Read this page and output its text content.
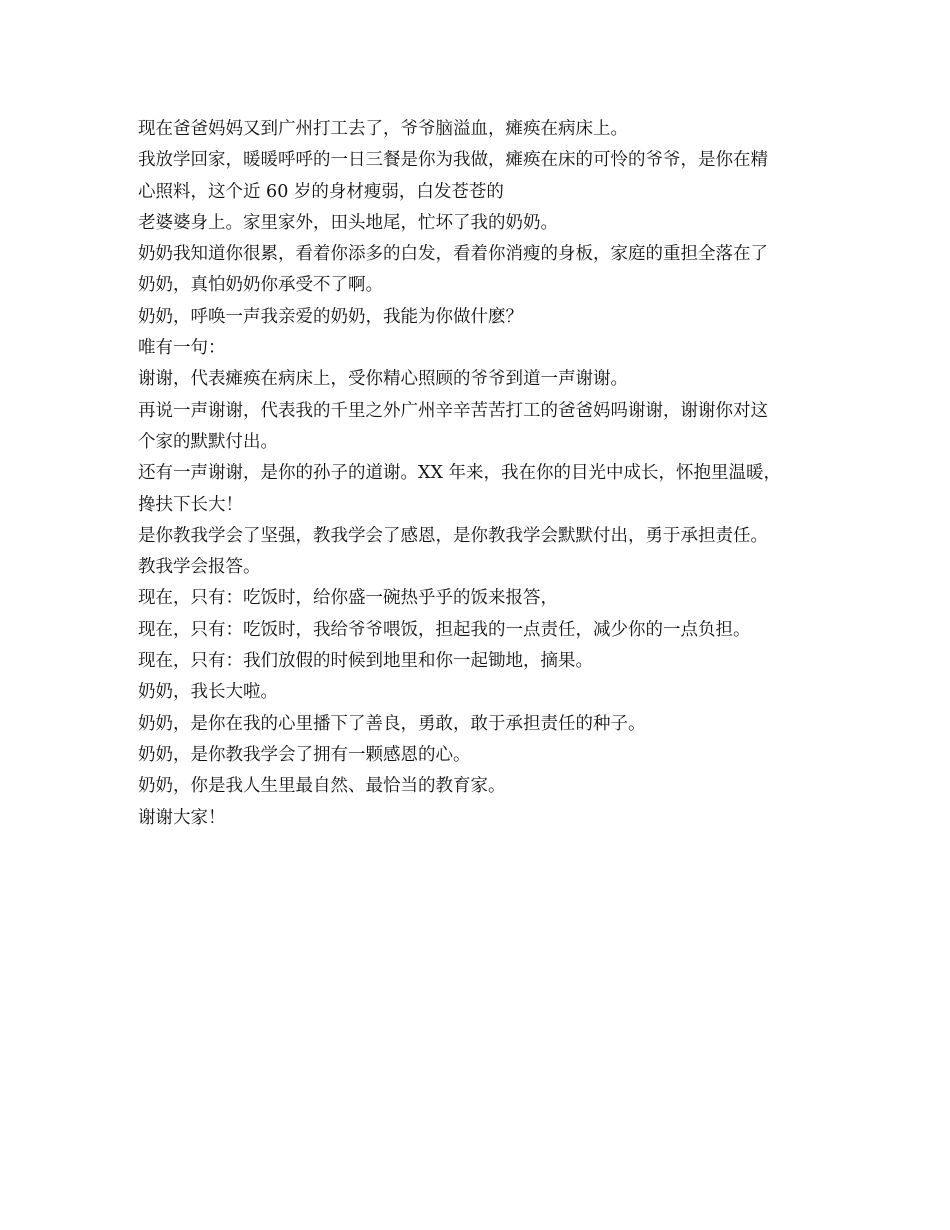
现在爸爸妈妈又到广州打工去了，爷爷脑溢血，瘫痪在病床上。
我放学回家，暖暖呼呼的一日三餐是你为我做，瘫痪在床的可怜的爷爷，是你在精
心照料，这个近 60 岁的身材瘦弱，白发苍苍的
老婆婆身上。家里家外，田头地尾，忙坏了我的奶奶。
奶奶我知道你很累，看着你添多的白发，看着你消瘦的身板，家庭的重担全落在了
奶奶，真怕奶奶你承受不了啊。
奶奶，呼唤一声我亲爱的奶奶，我能为你做什麽？
唯有一句：
谢谢，代表瘫痪在病床上，受你精心照顾的爷爷到道一声谢谢。
再说一声谢谢，代表我的千里之外广州辛辛苦苦打工的爸爸妈吗谢谢，谢谢你对这
个家的默默付出。
还有一声谢谢，是你的孙子的道谢。XX 年来，我在你的目光中成长，怀抱里温暖，
搀扶下长大！
是你教我学会了坚强，教我学会了感恩，是你教我学会默默付出，勇于承担责任。
教我学会报答。
现在，只有：吃饭时，给你盛一碗热乎乎的饭来报答，
现在，只有：吃饭时，我给爷爷喂饭，担起我的一点责任，减少你的一点负担。
现在，只有：我们放假的时候到地里和你一起锄地，摘果。
奶奶，我长大啦。
奶奶，是你在我的心里播下了善良，勇敢，敢于承担责任的种子。
奶奶，是你教我学会了拥有一颗感恩的心。
奶奶，你是我人生里最自然、最恰当的教育家。
谢谢大家！
